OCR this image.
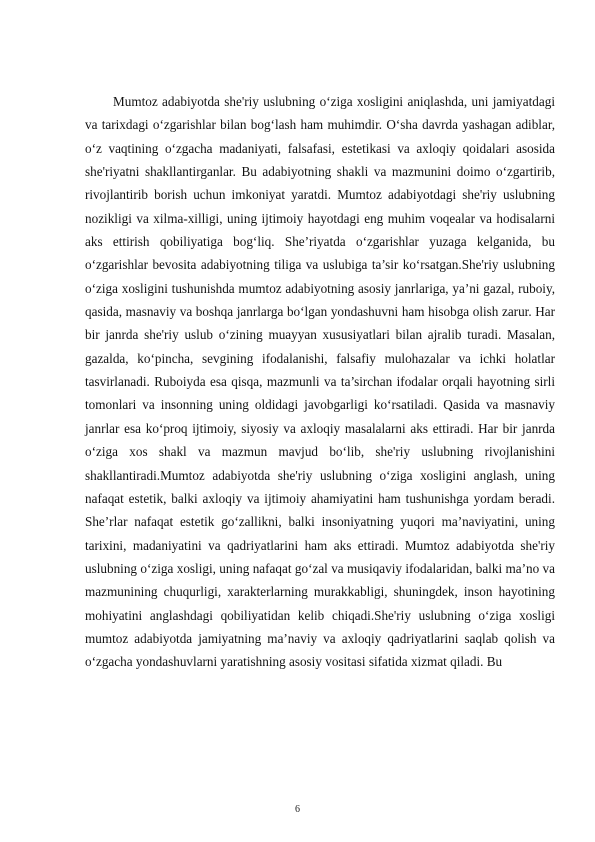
Mumtoz adabiyotda she'riy uslubning o‘ziga xosligini aniqlashda, uni jamiyatdagi va tarixdagi o‘zgarishlar bilan bog‘lash ham muhimdir. O‘sha davrda yashagan adiblar, o‘z vaqtining o‘zgacha madaniyati, falsafasi, estetikasi va axloqiy qoidalari asosida she'riyatni shakllantirganlar. Bu adabiyotning shakli va mazmunini doimo o‘zgartirib, rivojlantirib borish uchun imkoniyat yaratdi. Mumtoz adabiyotdagi she'riy uslubning nozikligi va xilma-xilligi, uning ijtimoiy hayotdagi eng muhim voqealar va hodisalarni aks ettirish qobiliyatiga bog‘liq. She’riyatda o‘zgarishlar yuzaga kelganida, bu o‘zgarishlar bevosita adabiyotning tiliga va uslubiga ta’sir ko‘rsatgan.She'riy uslubning o‘ziga xosligini tushunishda mumtoz adabiyotning asosiy janrlariga, ya’ni gazal, ruboiy, qasida, masnaviy va boshqa janrlarga bo‘lgan yondashuvni ham hisobga olish zarur. Har bir janrda she'riy uslub o‘zining muayyan xususiyatlari bilan ajralib turadi. Masalan, gazalda, ko‘pincha, sevgining ifodalanishi, falsafiy mulohazalar va ichki holatlar tasvirlanadi. Ruboiyda esa qisqa, mazmunli va ta’sirchan ifodalar orqali hayotning sirli tomonlari va insonning uning oldidagi javobgarligi ko‘rsatiladi. Qasida va masnaviy janrlar esa ko‘proq ijtimoiy, siyosiy va axloqiy masalalarni aks ettiradi. Har bir janrda o‘ziga xos shakl va mazmun mavjud bo‘lib, she'riy uslubning rivojlanishini shakllantiradi.Mumtoz adabiyotda she'riy uslubning o‘ziga xosligini anglash, uning nafaqat estetik, balki axloqiy va ijtimoiy ahamiyatini ham tushunishga yordam beradi. She’rlar nafaqat estetik go‘zallikni, balki insoniyatning yuqori ma’naviyatini, uning tarixini, madaniyatini va qadriyatlarini ham aks ettiradi. Mumtoz adabiyotda she'riy uslubning o‘ziga xosligi, uning nafaqat go‘zal va musiqaviy ifodalaridan, balki ma’no va mazmunining chuqurligi, xarakterlarning murakkabligi, shuningdek, inson hayotining mohiyatini anglashdagi qobiliyatidan kelib chiqadi.She'riy uslubning o‘ziga xosligi mumtoz adabiyotda jamiyatning ma’naviy va axloqiy qadriyatlarini saqlab qolish va o‘zgacha yondashuvlarni yaratishning asosiy vositasi sifatida xizmat qiladi. Bu

6
